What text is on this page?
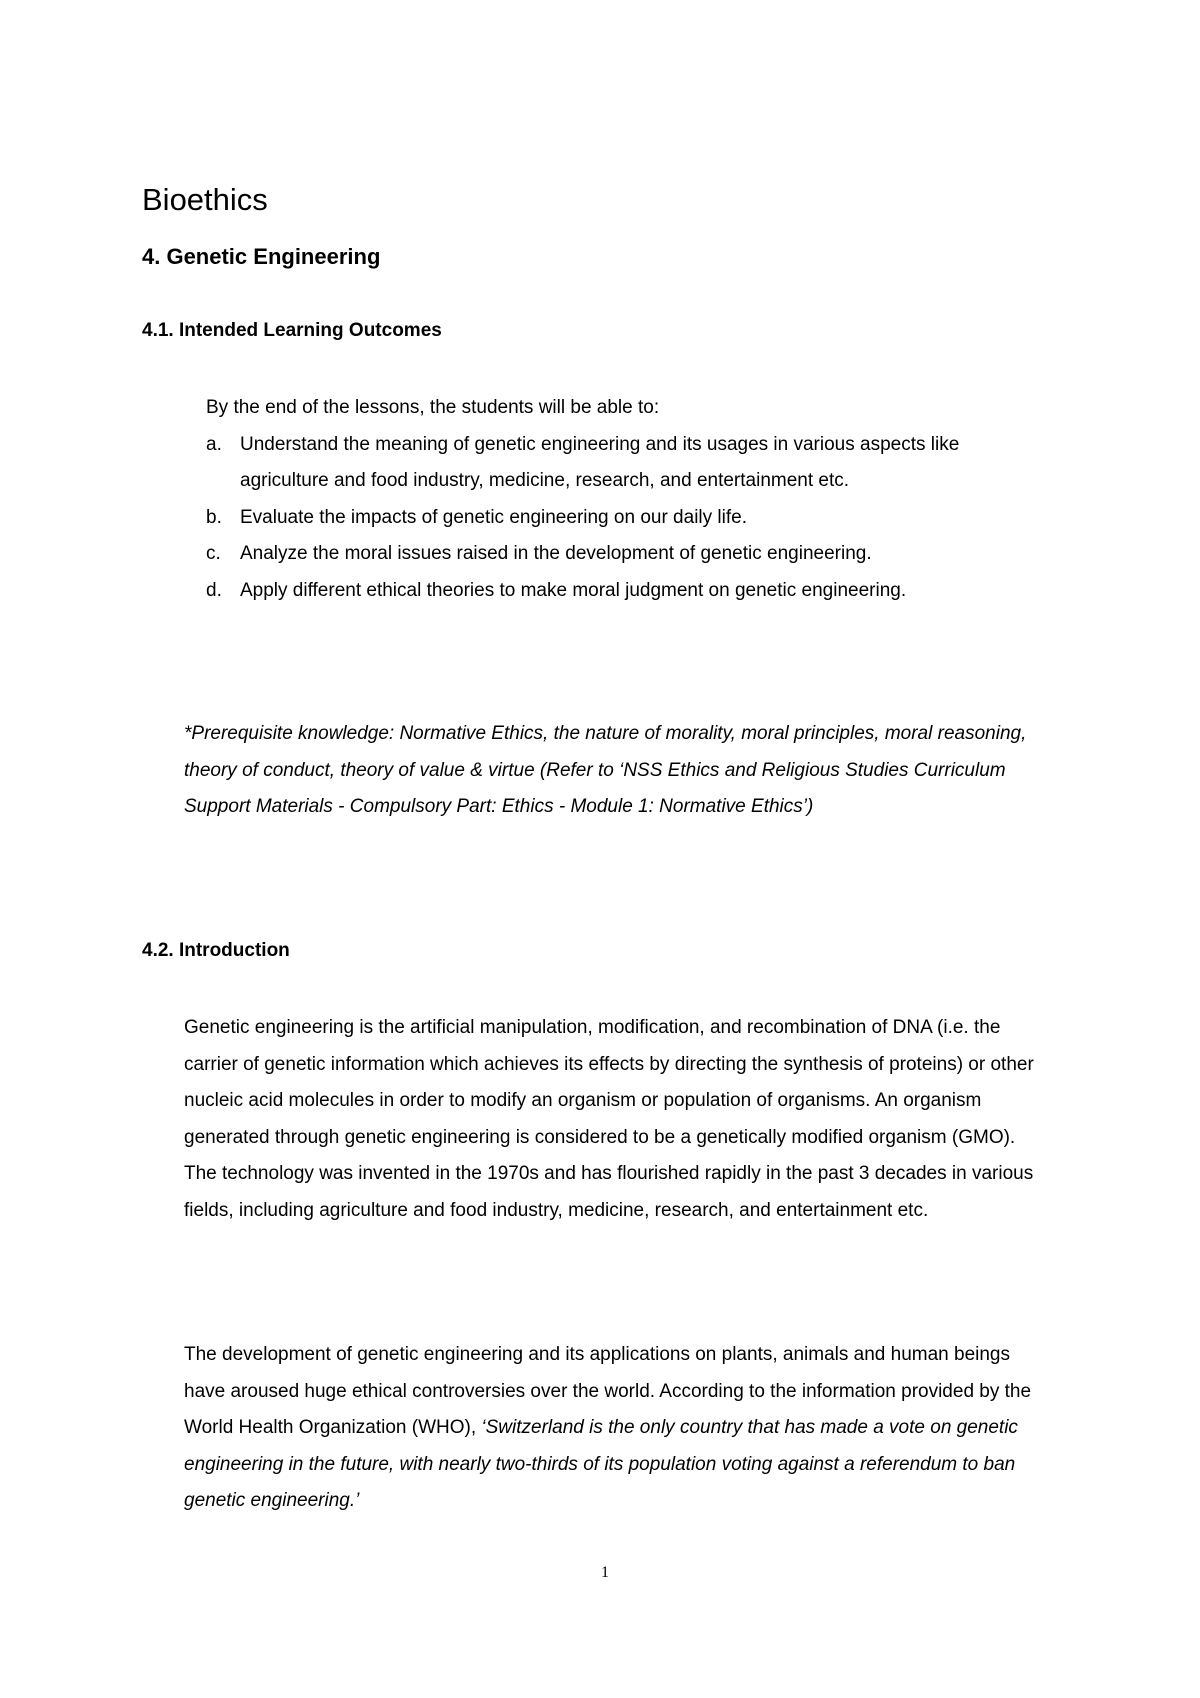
Bioethics
4. Genetic Engineering
4.1. Intended Learning Outcomes

By the end of the lessons, the students will be able to:

a. Understand the meaning of genetic engineering and its usages in various aspects like agriculture and food industry, medicine, research, and entertainment etc.
b. Evaluate the impacts of genetic engineering on our daily life.
c. Analyze the moral issues raised in the development of genetic engineering.
d. Apply different ethical theories to make moral judgment on genetic engineering.

*Prerequisite knowledge: Normative Ethics, the nature of morality, moral principles, moral reasoning, theory of conduct, theory of value & virtue (Refer to ‘NSS Ethics and Religious Studies Curriculum Support Materials - Compulsory Part: Ethics - Module 1: Normative Ethics’)

4.2. Introduction

Genetic engineering is the artificial manipulation, modification, and recombination of DNA (i.e. the carrier of genetic information which achieves its effects by directing the synthesis of proteins) or other nucleic acid molecules in order to modify an organism or population of organisms. An organism generated through genetic engineering is considered to be a genetically modified organism (GMO). The technology was invented in the 1970s and has flourished rapidly in the past 3 decades in various fields, including agriculture and food industry, medicine, research, and entertainment etc.

The development of genetic engineering and its applications on plants, animals and human beings have aroused huge ethical controversies over the world. According to the information provided by the World Health Organization (WHO), ‘Switzerland is the only country that has made a vote on genetic engineering in the future, with nearly two-thirds of its population voting against a referendum to ban genetic engineering.’

1
